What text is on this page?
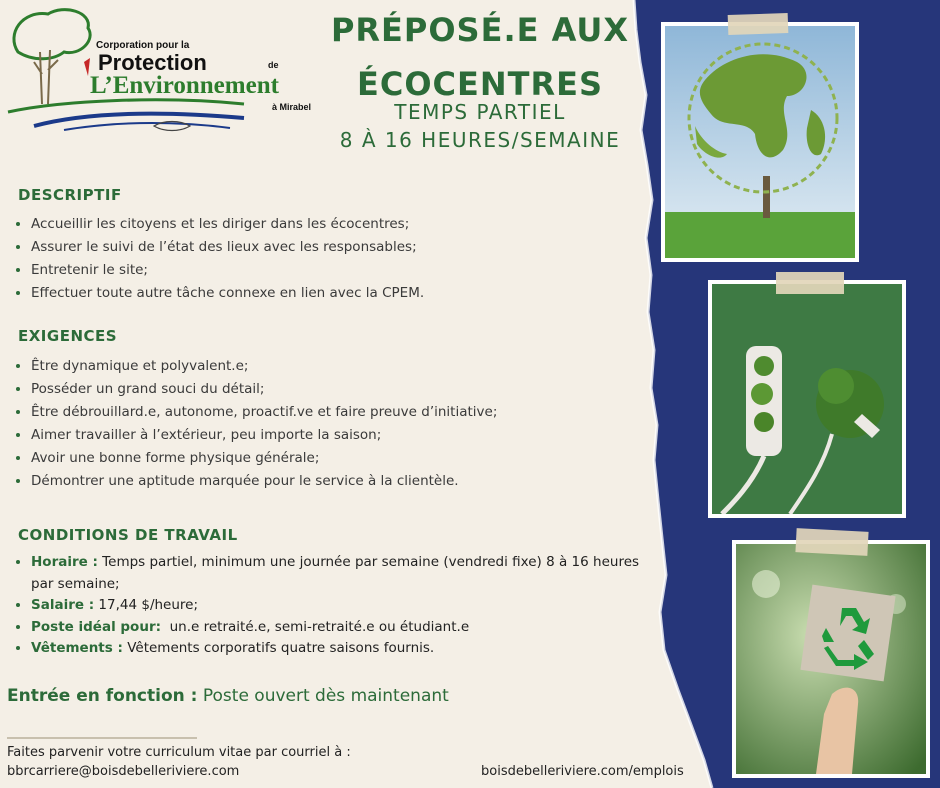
Corporation pour la
Protection	de
L’Environnement
à Mirabel
PRÉPOSÉ.E AUX
ÉCOCENTRES
TEMPS PARTIEL
8 À 16 HEURES/SEMAINE
DESCRIPTIF
• Accueillir les citoyens et les diriger dans les écocentres;
• Assurer le suivi de l’état des lieux avec les responsables;
• Entretenir le site;
• Effectuer toute autre tâche connexe en lien avec la CPEM.
EXIGENCES
• Être dynamique et polyvalent.e;
• Posséder un grand souci du détail;
• Être débrouillard.e, autonome, proactif.ve et faire preuve d’initiative;
• Aimer travailler à l’extérieur, peu importe la saison;
• Avoir une bonne forme physique générale;
• Démontrer une aptitude marquée pour le service à la clientèle.
CONDITIONS DE TRAVAIL
• Horaire : Temps partiel, minimum une journée par semaine (vendredi fixe) 8 à 16 heures par semaine;
• Salaire : 17,44 $/heure;
• Poste idéal pour:  un.e retraité.e, semi-retraité.e ou étudiant.e
• Vêtements : Vêtements corporatifs quatre saisons fournis.
Entrée en fonction : Poste ouvert dès maintenant
Faites parvenir votre curriculum vitae par courriel à :
bbrcarriere@boisdebelleriviere.com	boisdebelleriviere.com/emplois
